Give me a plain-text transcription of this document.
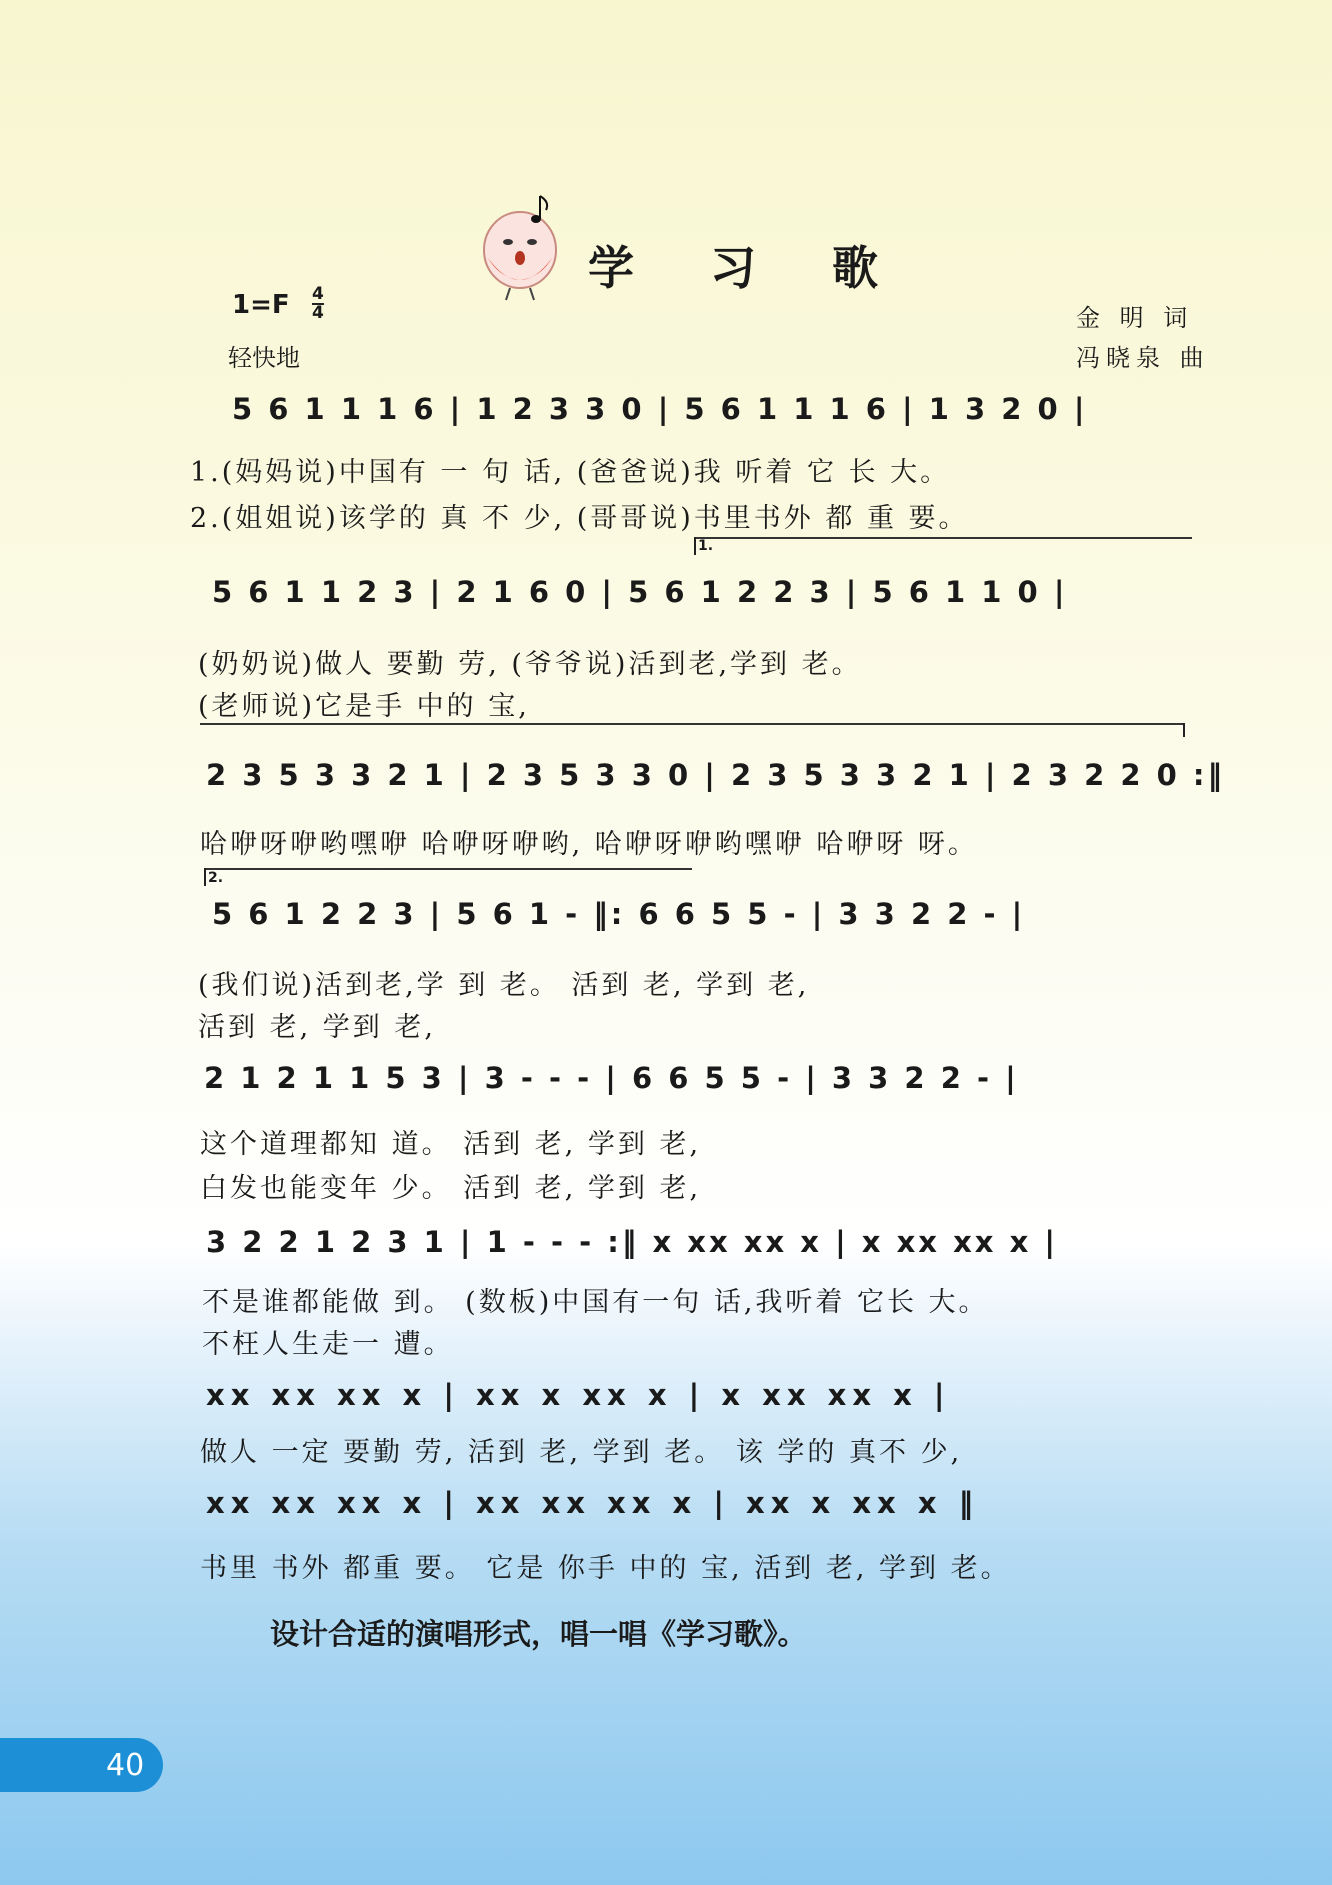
学 习 歌
1=F 4
4
轻快地
金 明 词
冯晓泉 曲
5 6 1 1 1 6 | 1 2 3 3 0 | 5 6 1 1 1 6 | 1 3 2 0 |
1.(妈妈说)中国有 一 句 话, (爸爸说)我 听着 它 长 大。
2.(姐姐说)该学的 真 不 少, (哥哥说)书里书外 都 重 要。
1.
5 6 1 1 2 3 | 2 1 6 0 | 5 6 1 2 2 3 | 5 6 1 1 0 |
(奶奶说)做人 要勤 劳, (爷爷说)活到老,学到 老。
(老师说)它是手 中的 宝,
2 3 5 3 3 2 1 | 2 3 5 3 3 0 | 2 3 5 3 3 2 1 | 2 3 2 2 0 :‖
哈咿呀咿哟嘿咿 哈咿呀咿哟, 哈咿呀咿哟嘿咿 哈咿呀 呀。
2.
5 6 1 2 2 3 | 5 6 1 - ‖: 6 6 5 5 - | 3 3 2 2 - |
(我们说)活到老,学 到 老。 活到 老, 学到 老,
活到 老, 学到 老,
2 1 2 1 1 5 3 | 3 - - - | 6 6 5 5 - | 3 3 2 2 - |
这个道理都知 道。 活到 老, 学到 老,
白发也能变年 少。 活到 老, 学到 老,
3 2 2 1 2 3 1 | 1 - - - :‖ x xx xx x | x xx xx x |
不是谁都能做 到。 (数板)中国有一句 话,我听着 它长 大。
不枉人生走一 遭。
xx xx xx x | xx x xx x | x xx xx x |
做人 一定 要勤 劳, 活到 老, 学到 老。 该 学的 真不 少,
xx xx xx x | xx xx xx x | xx x xx x ‖
书里 书外 都重 要。 它是 你手 中的 宝, 活到 老, 学到 老。
设计合适的演唱形式，唱一唱《学习歌》。
40
